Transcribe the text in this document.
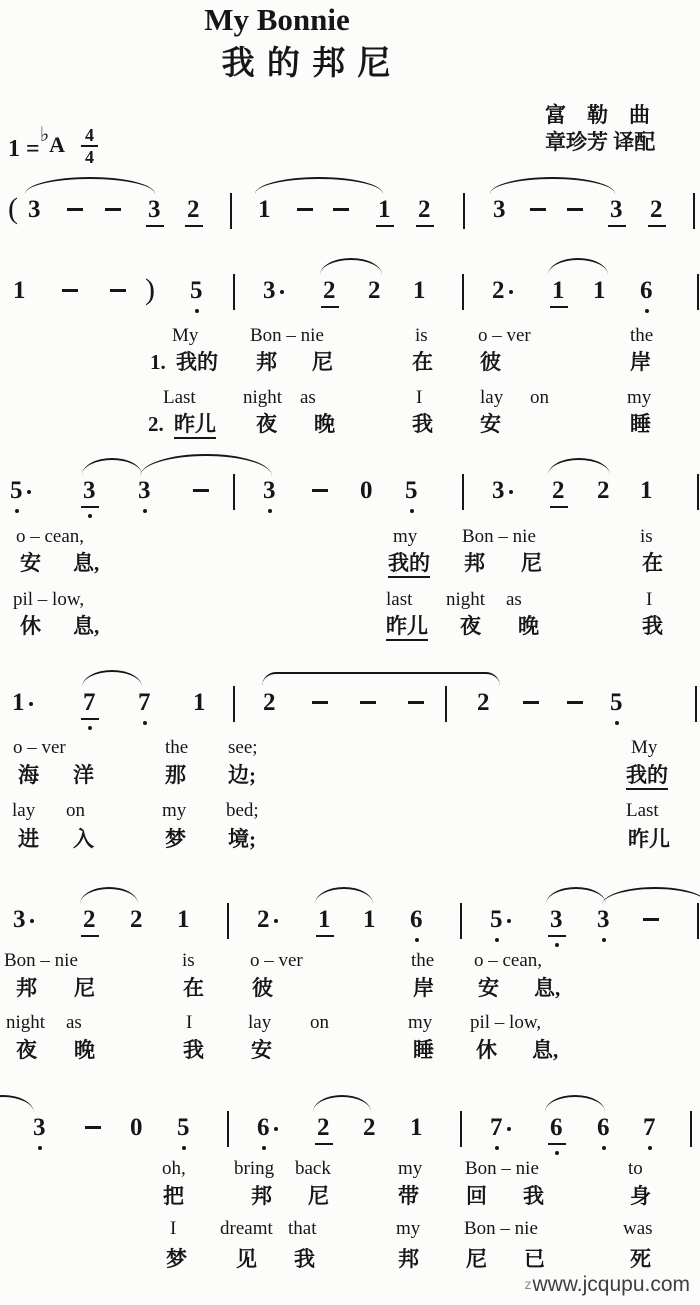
My Bonnie
我 的 邦 尼
1 =♭A $\frac{4}{4}$
富　勒　曲
章珍芳 译配
( 3	3 2 1	1 2	3	3 2
1	) 5 3 2 2 1	2 1 1 6
My	Bon – nie	is	o – ver	the
1. 我的 邦 尼	在 彼	岸
Last night as	I	lay on	my
2. 昨儿 夜 晚	我 安	睡
5 3 3	3	0 5	3 2 2 1
o – cean,	my Bon – nie	is
安 息,	我的 邦 尼	在
pil – low,	last night as	I
休 息,	昨儿 夜 晚	我
1 7 7 1 2	2	5
o – ver	the see;	My
海 洋	那 边;	我的
lay on	my bed;	Last
进 入	梦 境;	昨儿
3 2 2 1	2 1 1 6	5 3 3
Bon – nie	is	o – ver	the o – cean,
邦 尼	在 彼	岸 安 息,
night as	I	lay on	my pil – low,
夜 晚	我 安	睡 休 息,
3	0 5	6 2 2 1	7 6 6 7
oh,	bring back	my Bon – nie	to
把	邦 尼	带 回 我	身
I dreamt that	my Bon – nie	was
梦 见 我	邦 尼 已	死
zwww.jcqupu.com
